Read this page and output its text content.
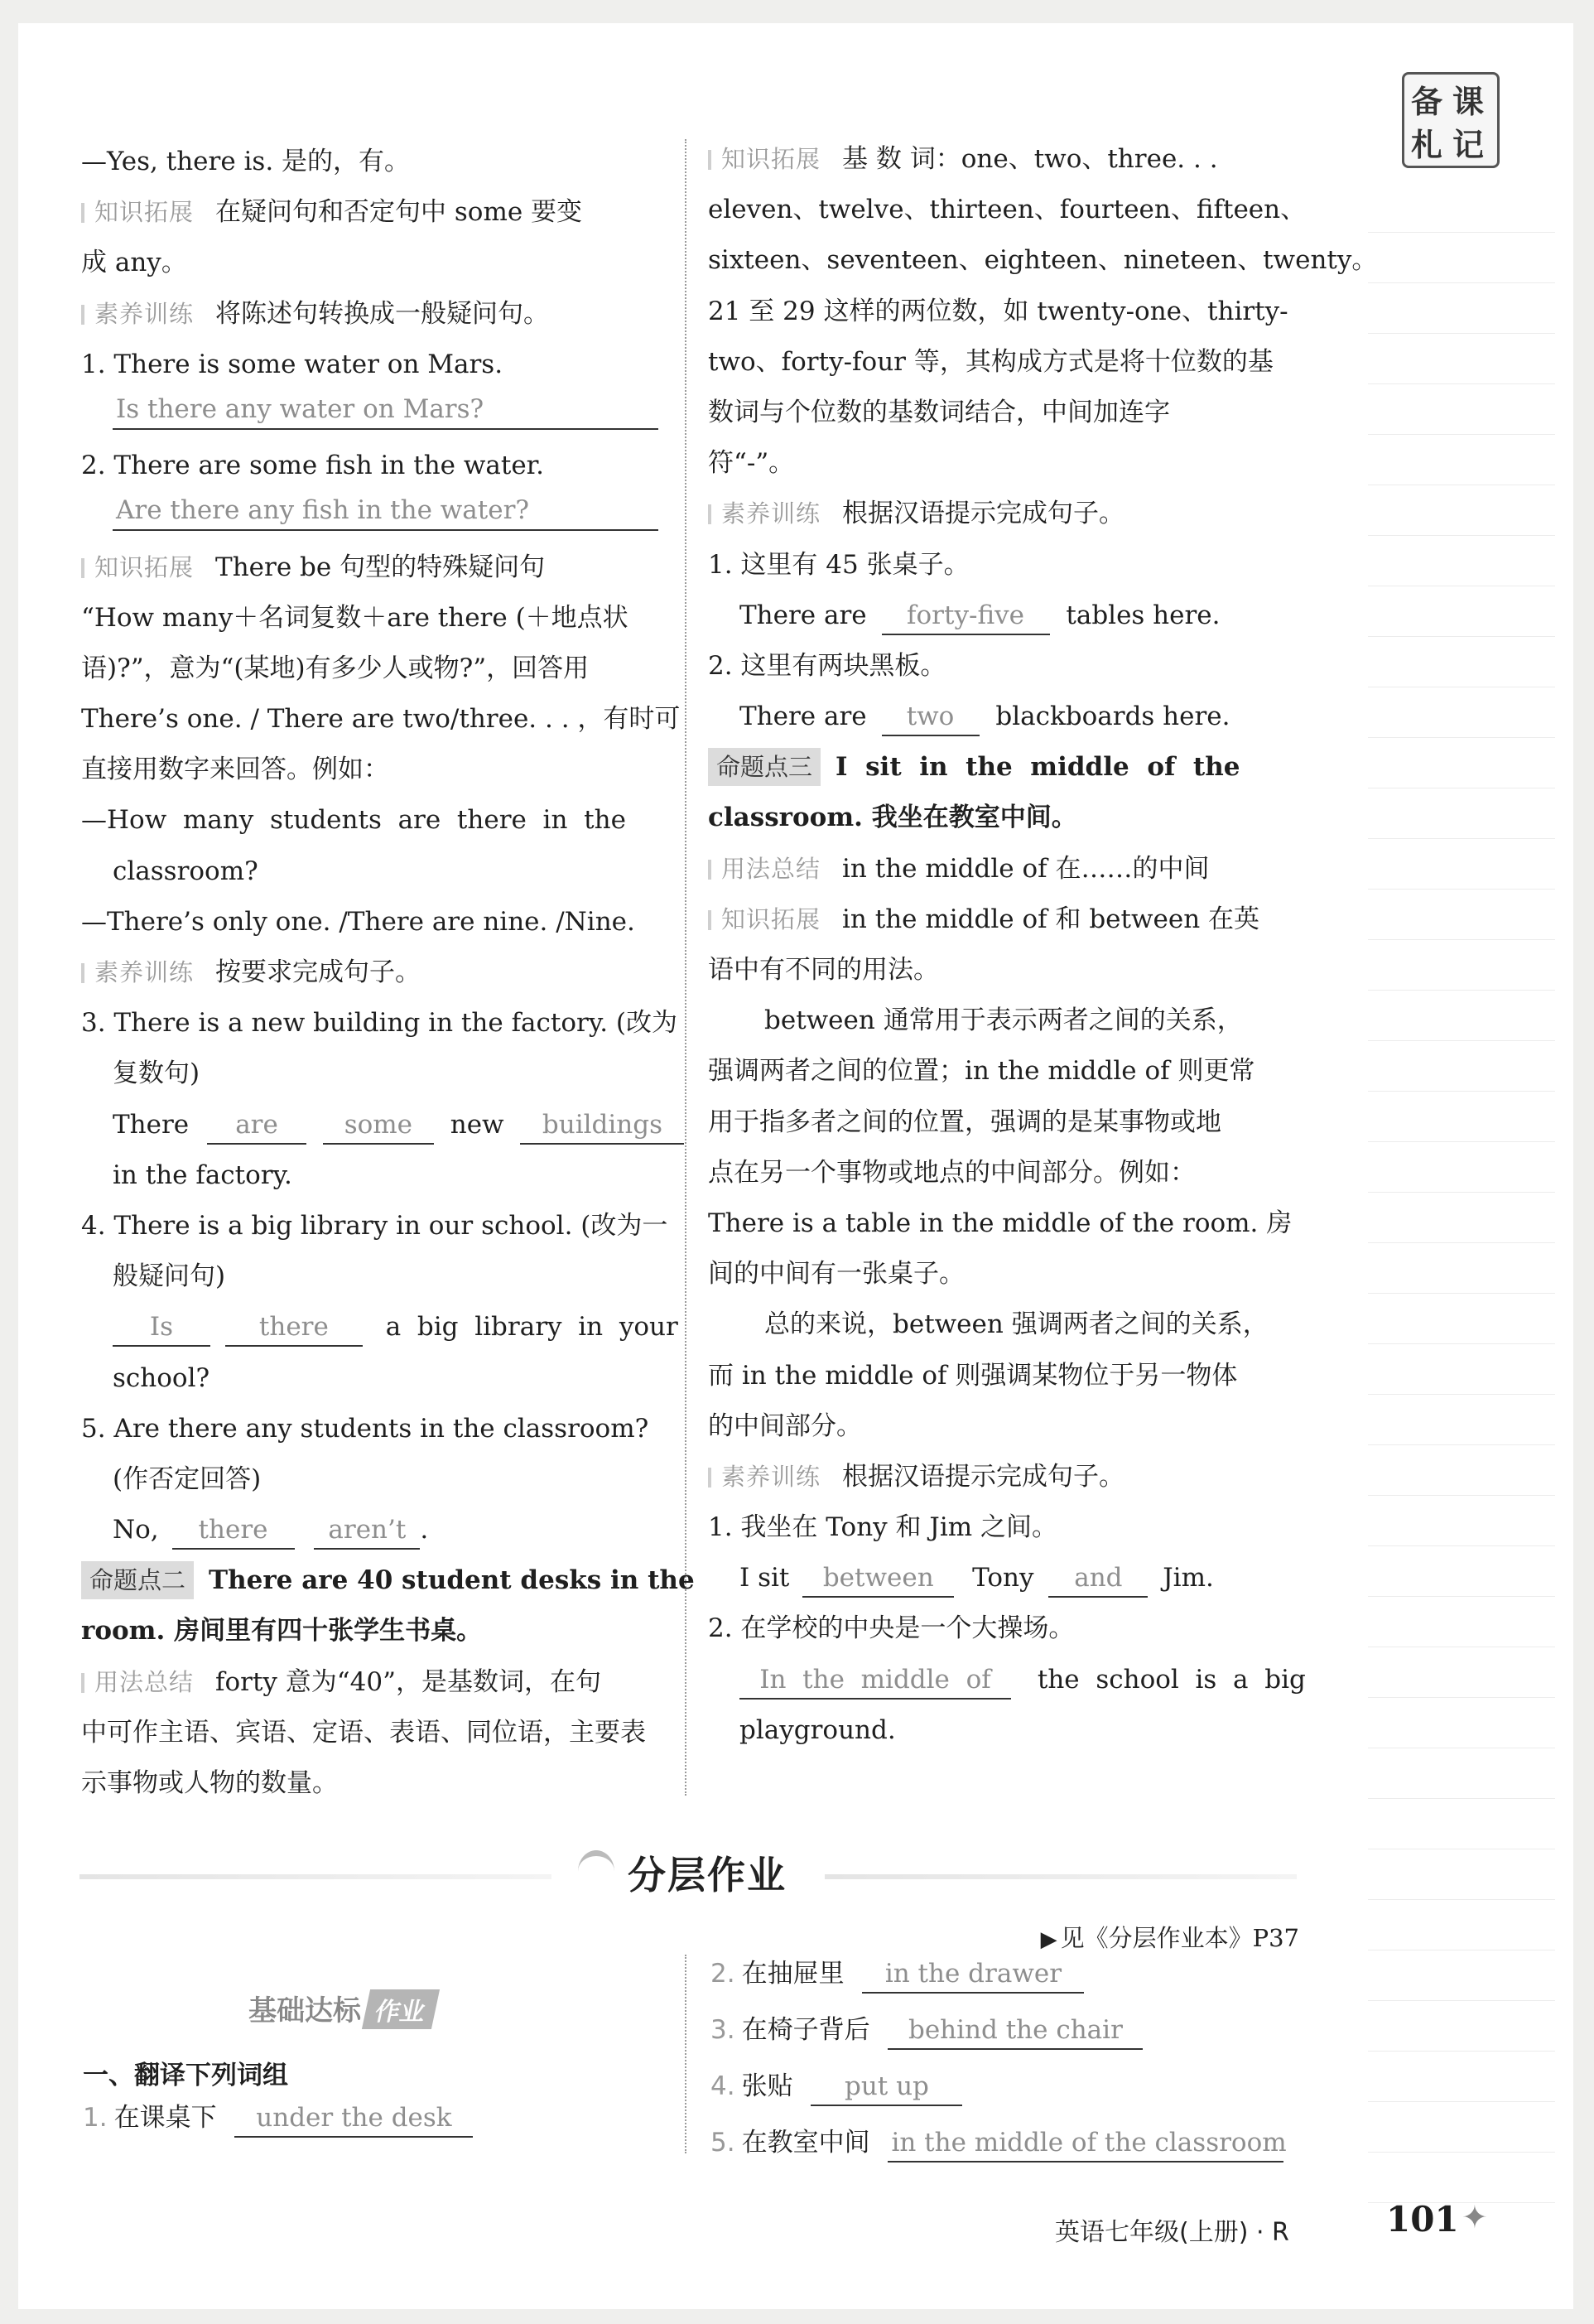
备 课
札 记
—Yes, there is. 是的，有。
知识拓展 在疑问句和否定句中 some 要变
成 any。
素养训练 将陈述句转换成一般疑问句。
1. There is some water on Mars.
Is there any water on Mars?
2. There are some fish in the water.
Are there any fish in the water?
知识拓展 There be 句型的特殊疑问句
“How many＋名词复数＋are there (＋地点状
语)?”，意为“(某地)有多少人或物?”，回答用
There’s one. / There are two/three. . . ，有时可
直接用数字来回答。例如：
—How  many  students  are  there  in  the
classroom?
—There’s only one. /There are nine. /Nine.
素养训练 按要求完成句子。
3. There is a new building in the factory. (改为
复数句)
There are	some new buildings
in the factory.
4. There is a big library in our school. (改为一
般疑问句)
Is	there a  big  library  in  your
school?
5. Are there any students in the classroom?
(作否定回答)
No, there aren’t .
命题点二 There are 40 student desks in the
room. 房间里有四十张学生书桌。
用法总结 forty 意为“40”，是基数词，在句
中可作主语、宾语、定语、表语、同位语，主要表
示事物或人物的数量。
知识拓展 基 数 词：one、two、three. . .
eleven、twelve、thirteen、fourteen、fifteen、
sixteen、seventeen、eighteen、nineteen、twenty。
21 至 29 这样的两位数，如 twenty-one、thirty-
two、forty-four 等，其构成方式是将十位数的基
数词与个位数的基数词结合，中间加连字
符“-”。
素养训练 根据汉语提示完成句子。
1. 这里有 45 张桌子。
There are forty-five tables here.
2. 这里有两块黑板。
There are two blackboards here.
命题点三 I  sit  in  the  middle  of  the
classroom. 我坐在教室中间。
用法总结 in the middle of 在……的中间
知识拓展 in the middle of 和 between 在英
语中有不同的用法。
between 通常用于表示两者之间的关系，
强调两者之间的位置；in the middle of 则更常
用于指多者之间的位置，强调的是某事物或地
点在另一个事物或地点的中间部分。例如：
There is a table in the middle of the room. 房
间的中间有一张桌子。
总的来说，between 强调两者之间的关系，
而 in the middle of 则强调某物位于另一物体
的中间部分。
素养训练 根据汉语提示完成句子。
1. 我坐在 Tony 和 Jim 之间。
I sit between Tony and Jim.
2. 在学校的中央是一个大操场。
In  the  middle  of the  school  is  a  big
playground.
分层作业
▶ 见《分层作业本》P37
基础达标 作业
一、翻译下列词组
1. 在课桌下 under the desk
2. 在抽屉里 in the drawer
3. 在椅子背后 behind the chair
4. 张贴 put up
5. 在教室中间 in the middle of the classroom
英语七年级(上册) · R	101 ✦
